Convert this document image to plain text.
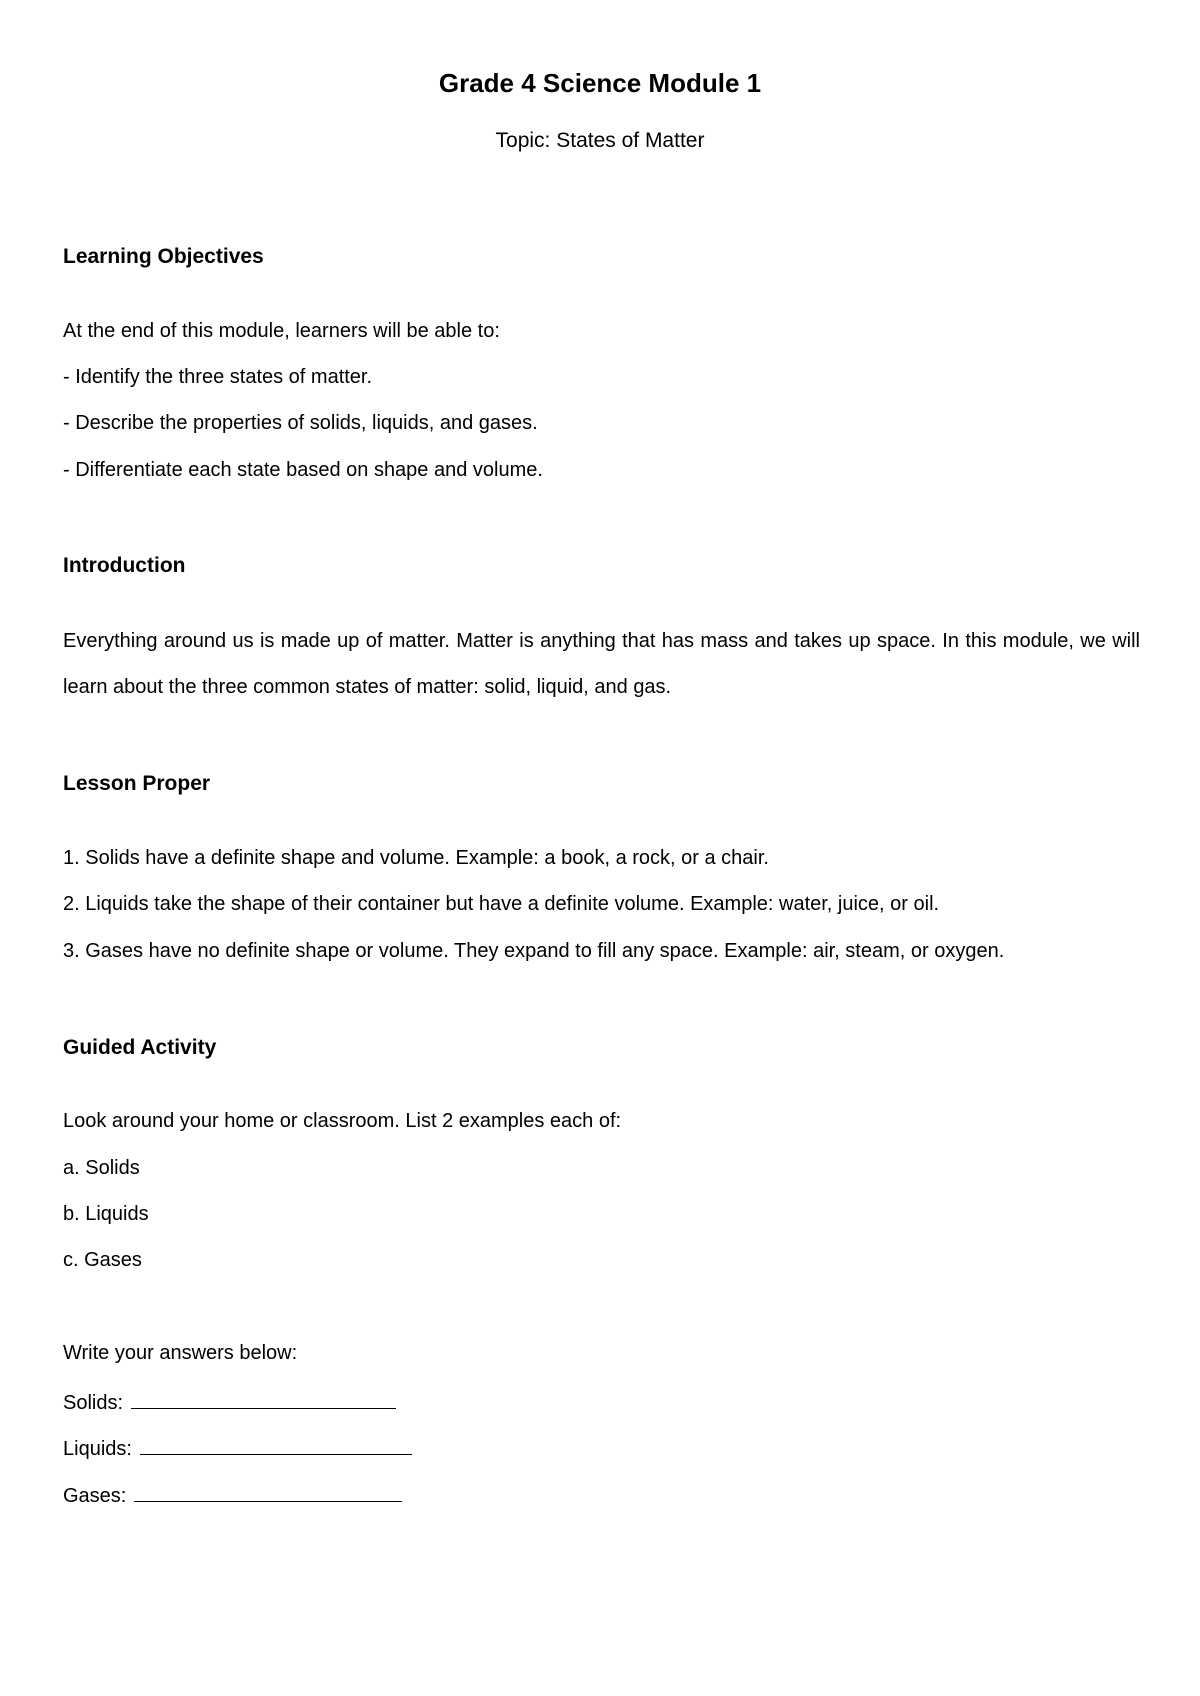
Grade 4 Science Module 1

Topic: States of Matter

Learning Objectives

At the end of this module, learners will be able to:

- Identify the three states of matter.

- Describe the properties of solids, liquids, and gases.

- Differentiate each state based on shape and volume.

Introduction

Everything around us is made up of matter. Matter is anything that has mass and takes up space. In this module, we will learn about the three common states of matter: solid, liquid, and gas.

Lesson Proper

1. Solids have a definite shape and volume. Example: a book, a rock, or a chair.

2. Liquids take the shape of their container but have a definite volume. Example: water, juice, or oil.

3. Gases have no definite shape or volume. They expand to fill any space. Example: air, steam, or oxygen.

Guided Activity

Look around your home or classroom. List 2 examples each of:

a. Solids

b. Liquids

c. Gases

Write your answers below:

Solids:

Liquids:

Gases:
